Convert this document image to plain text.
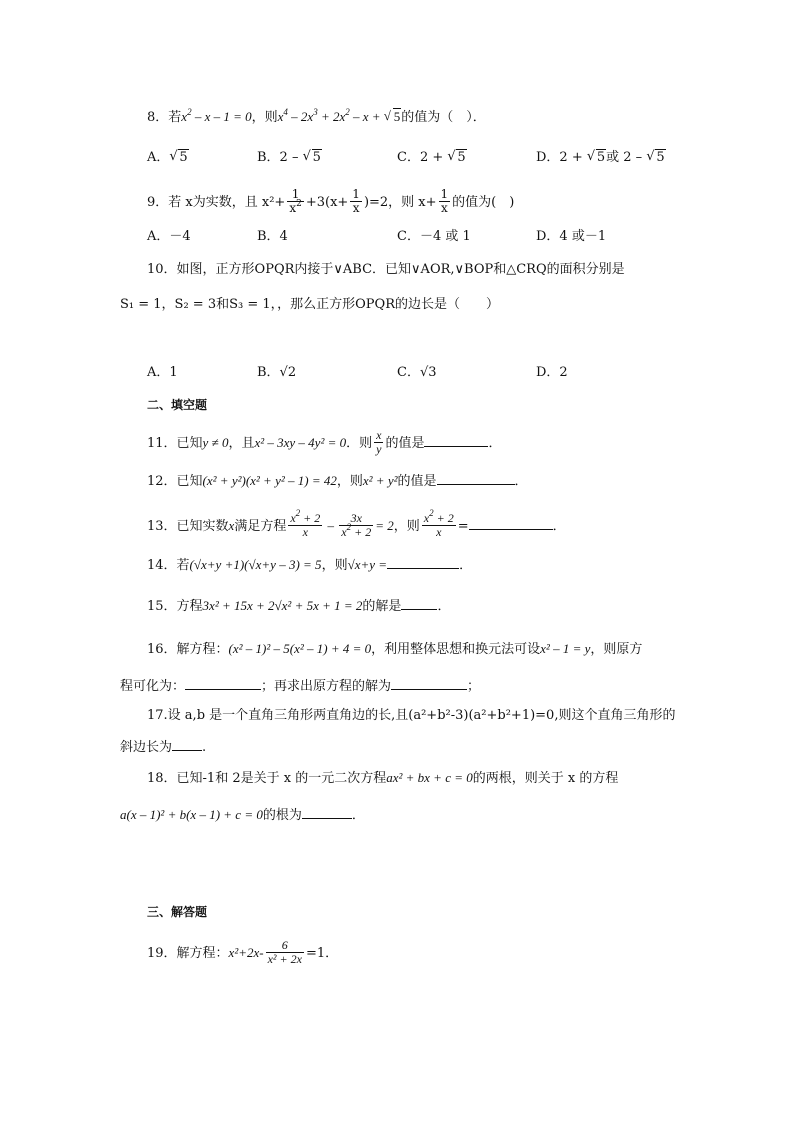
8．若$x^2 - x - 1 = 0$，则$x^4 - 2x^3 + 2x^2 - x$ + √ 5的值为（　）．
A．√ 5	B．2 – √ 5	C．2 + √ 5	D．2 + √ 5或 2 – √ 5
9．若 x为实数，且 $x^2+ \frac{1}{x^2} +3(x+ \frac{1}{x} )=2$，则 $x+ \frac{1}{x}$ 的值为(　)
A．－4	B．4	C．－4 或 1	D．4 或－1
10．如图，正方形OPQR内接于∨ABC．已知∨AOR,∨BOP和△CRQ的面积分别是
S₁ = 1，S₂ = 3和S₃ = 1，，那么正方形OPQR的边长是（　　）
A．1	B．√2	C．√3	D．2
二、填空题
11．已知y ≠ 0，且x² – 3xy – 4y² = 0．则 $\frac{x}{y}$ 的值是	．
12．已知(x² + y²)(x² + y² – 1) = 42，则x² + y²的值是	．
13．已知实数x满足方程 $\frac{x^2 + 2}{x} - \frac{3x}{x^2 + 2} = 2$，则 $\frac{x^2 + 2}{x}$ =	．
14．若(√x+y +1)(√x+y – 3) = 5，则√x+y =	．
15．方程3x² + 15x + 2√x² + 5x + 1 = 2的解是	．
16．解方程：(x² – 1)² – 5(x² – 1) + 4 = 0，利用整体思想和换元法可设x² – 1 = y，则原方
程可化为：	；再求出原方程的解为	；
17.设 a,b 是一个直角三角形两直角边的长,且(a²+b²-3)(a²+b²+1)=0,则这个直角三角形的
斜边长为 .
18．已知-1和 2是关于 x 的一元二次方程ax² + bx + c = 0的两根，则关于 x 的方程
a(x – 1)² + b(x – 1) + c = 0的根为	．
三、解答题
19．解方程：$x^2+2x- \frac{6}{\text{x² + 2x}} =1$．
